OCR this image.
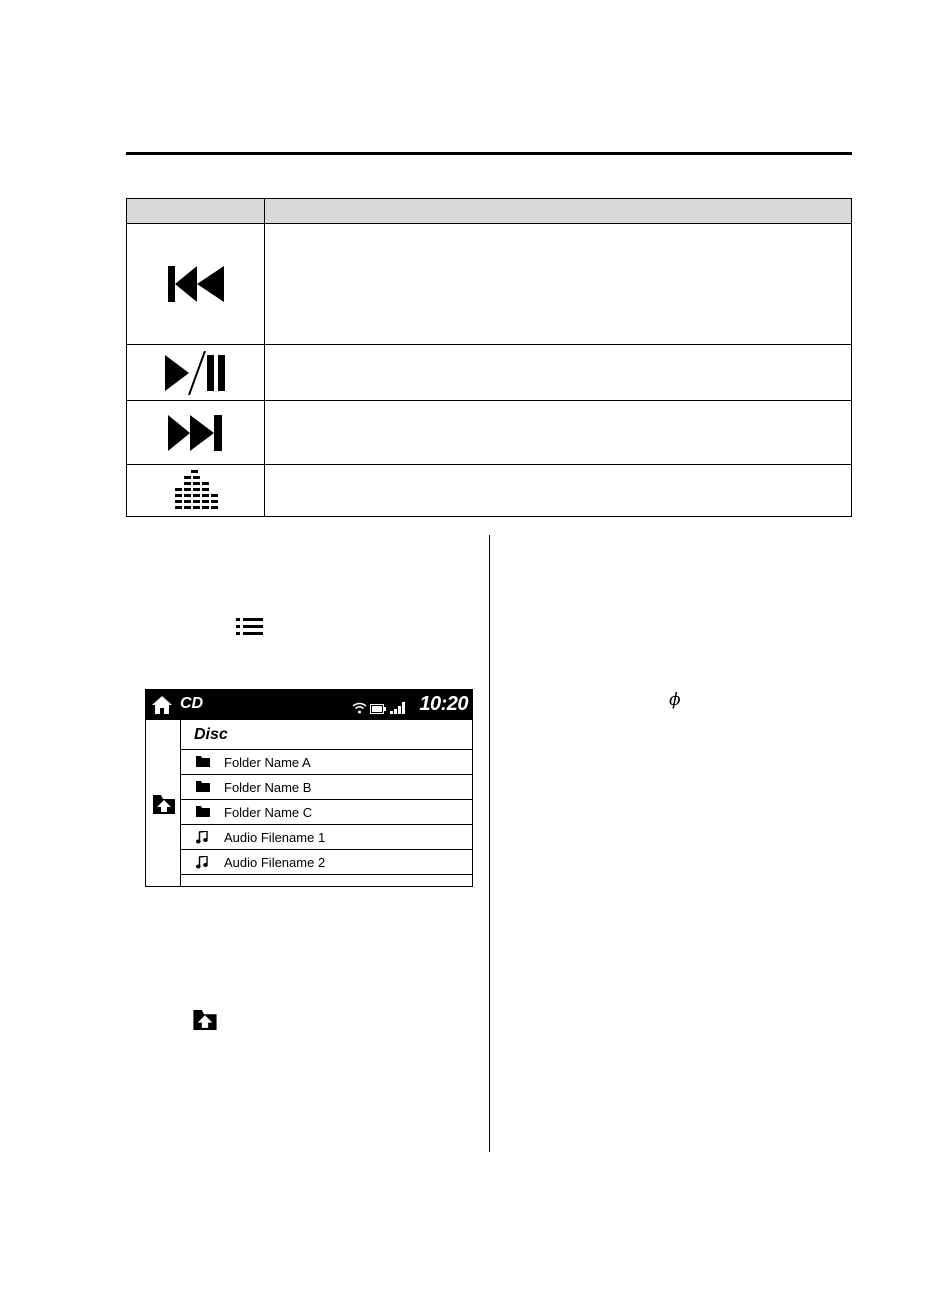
CD	10:20
Disc
Folder Name A
Folder Name B
Folder Name C
Audio Filename 1
Audio Filename 2
ϕ
